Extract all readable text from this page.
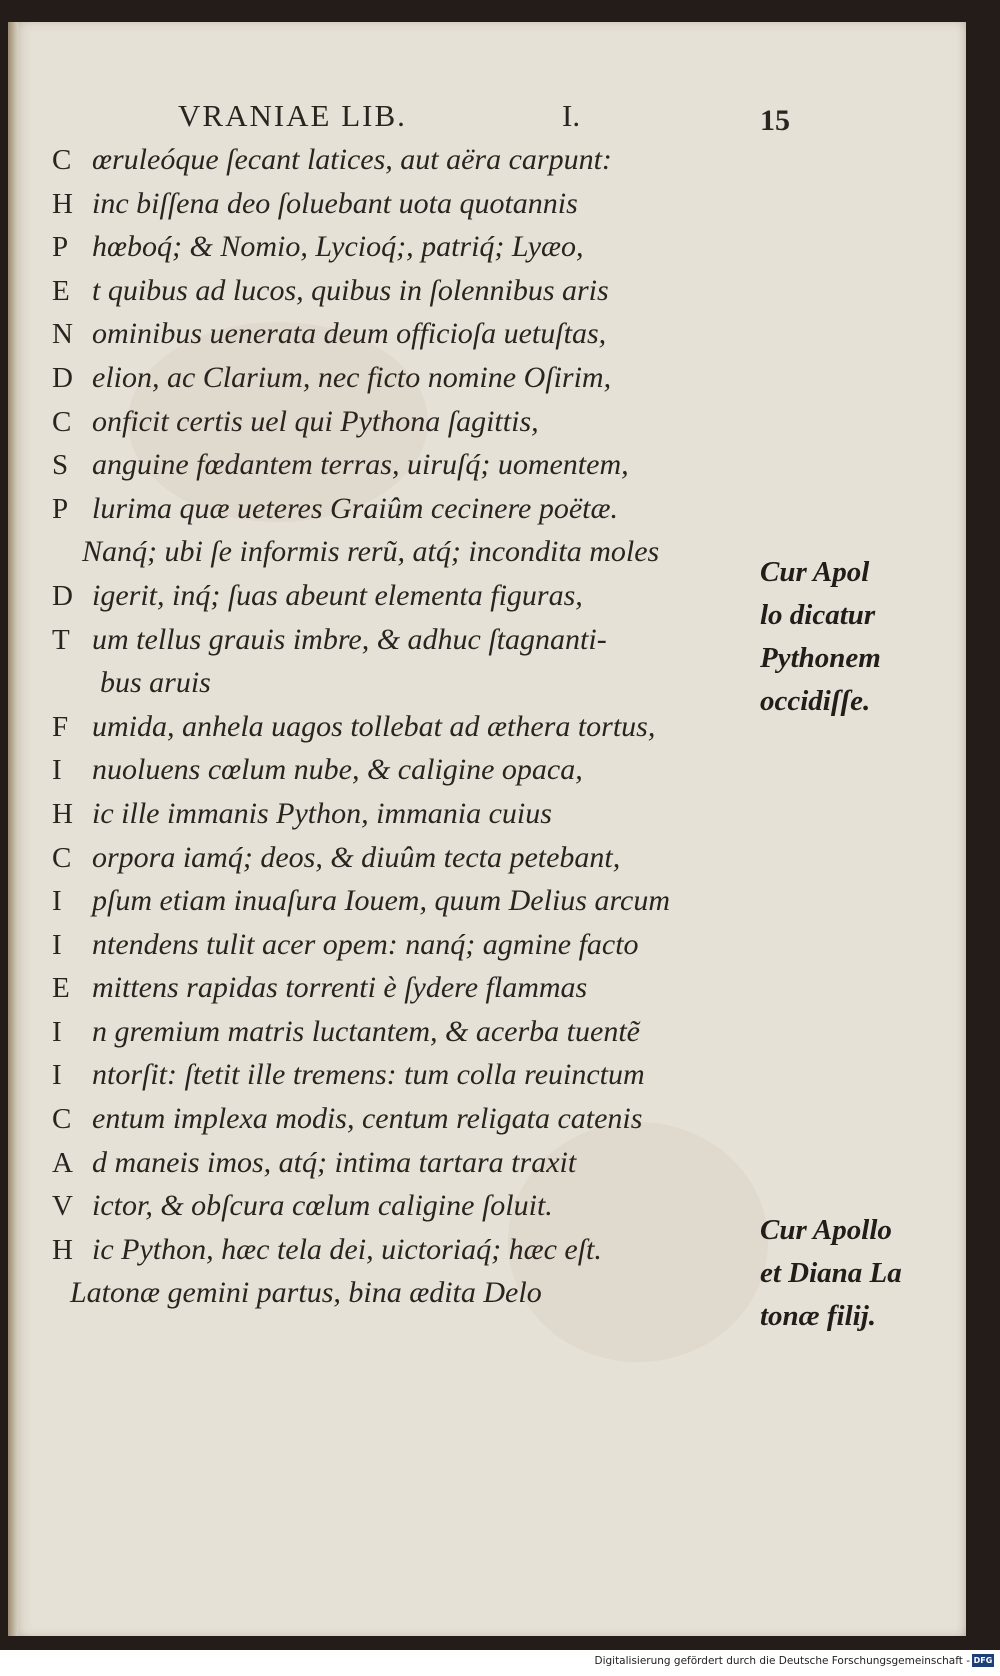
VRANIAE LIB.	I.	15
C œruleóque ſecant latices, aut aëra carpunt:
H inc biſſena deo ſoluebant uota quotannis
P hœboq́; & Nomio, Lycioq́;, patriq́; Lyæo,
E t quibus ad lucos, quibus in ſolennibus aris
N ominibus uenerata deum officioſa uetuſtas,
D elion, ac Clarium, nec ficto nomine Oſirim,
C onficit certis uel qui Pythona ſagittis,
S anguine fœdantem terras, uiruſq́; uomentem,
P lurima quæ ueteres Graiûm cecinere poëtæ.
Nanq́; ubi ſe informis rerũ, atq́; incondita moles
D igerit, inq́; ſuas abeunt elementa figuras,
T um tellus grauis imbre, & adhuc ſtagnanti-
bus aruis
F umida, anhela uagos tollebat ad æthera tortus,
I	nuoluens cœlum nube, & caligine opaca,
H ic ille immanis Python, immania cuius
C orpora iamq́; deos, & diuûm tecta petebant,
I	pſum etiam inuaſura Iouem, quum Delius arcum
I	ntendens tulit acer opem: nanq́; agmine facto
E mittens rapidas torrenti è ſydere flammas
I	n gremium matris luctantem, & acerba tuentẽ
I	ntorſit: ſtetit ille tremens: tum colla reuinctum
C entum implexa modis, centum religata catenis
A d maneis imos, atq́; intima tartara traxit
V ictor, & obſcura cœlum caligine ſoluit.
H ic Python, hæc tela dei, uictoriaq́; hæc eſt.
Latonæ gemini partus, bina ædita Delo
Cur Apol
lo dicatur
Pythonem
occidiſſe.
Cur Apollo
et Diana La
tonæ filij.
Digitalisierung gefördert durch die Deutsche Forschungsgemeinschaft - DFG
